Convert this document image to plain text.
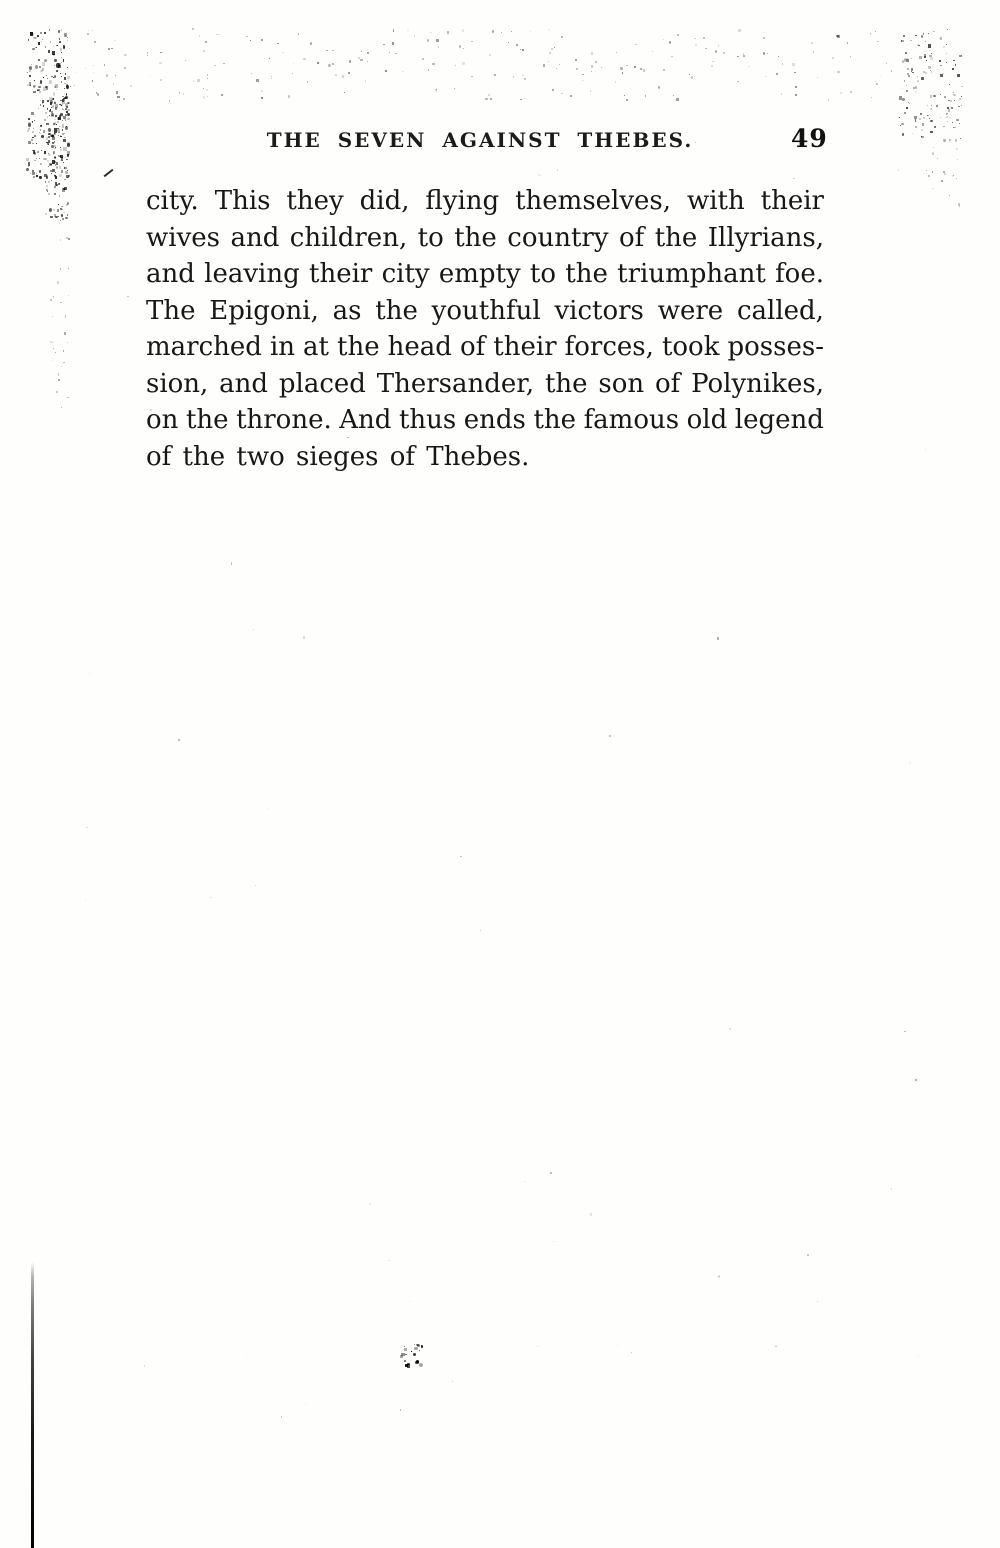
THE SEVEN AGAINST THEBES.	49
city. This they did, flying themselves, with their
wives and children, to the country of the Illyrians,
and leaving their city empty to the triumphant foe.
The Epigoni, as the youthful victors were called,
marched in at the head of their forces, took posses-
sion, and placed Thersander, the son of Polynikes,
on the throne. And thus ends the famous old legend
of the two sieges of Thebes.
